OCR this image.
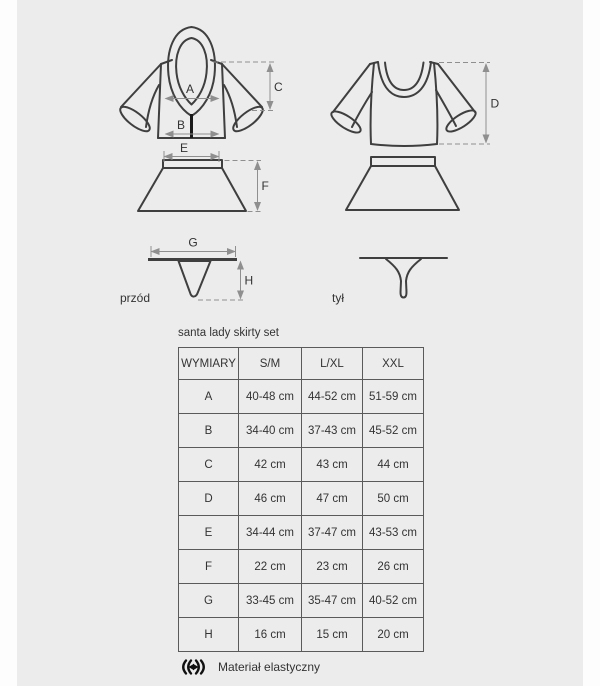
A
B
C
E
F
D
G
H
przód	tył
santa lady skirty set
WYMIARY	S/M	L/XL	XXL
A	40-48 cm	44-52 cm	51-59 cm
B	34-40 cm	37-43 cm	45-52 cm
C	42 cm	43 cm	44 cm
D	46 cm	47 cm	50 cm
E	34-44 cm	37-47 cm	43-53 cm
F	22 cm	23 cm	26 cm
G	33-45 cm	35-47 cm	40-52 cm
H	16 cm	15 cm	20 cm
Materiał elastyczny
